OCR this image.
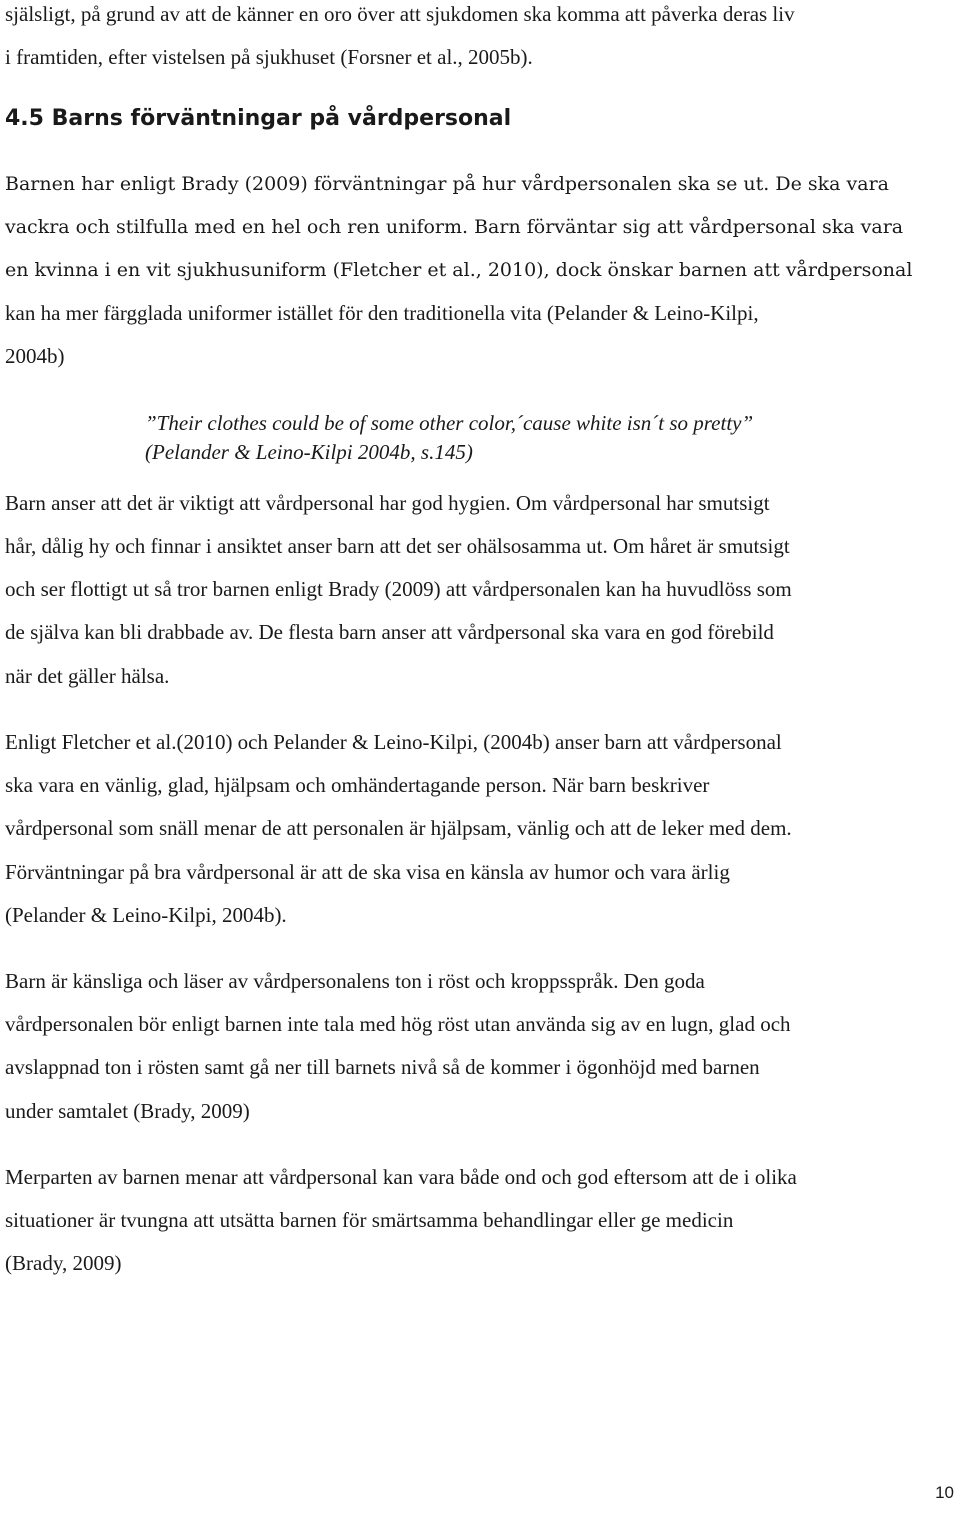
själsligt, på grund av att de känner en oro över att sjukdomen ska komma att påverka deras liv
i framtiden, efter vistelsen på sjukhuset (Forsner et al., 2005b).
4.5 Barns förväntningar på vårdpersonal
Barnen har enligt Brady (2009) förväntningar på hur vårdpersonalen ska se ut. De ska vara
vackra och stilfulla med en hel och ren uniform. Barn förväntar sig att vårdpersonal ska vara
en kvinna i en vit sjukhusuniform (Fletcher et al., 2010), dock önskar barnen att vårdpersonal
kan ha mer färgglada uniformer istället för den traditionella vita (Pelander & Leino-Kilpi,
2004b)
”Their clothes could be of some other color,´cause white isn´t so pretty”
(Pelander & Leino-Kilpi 2004b, s.145)
Barn anser att det är viktigt att vårdpersonal har god hygien. Om vårdpersonal har smutsigt
hår, dålig hy och finnar i ansiktet anser barn att det ser ohälsosamma ut. Om håret är smutsigt
och ser flottigt ut så tror barnen enligt Brady (2009) att vårdpersonalen kan ha huvudlöss som
de själva kan bli drabbade av. De flesta barn anser att vårdpersonal ska vara en god förebild
när det gäller hälsa.
Enligt Fletcher et al.(2010) och Pelander & Leino-Kilpi, (2004b) anser barn att vårdpersonal
ska vara en vänlig, glad, hjälpsam och omhändertagande person. När barn beskriver
vårdpersonal som snäll menar de att personalen är hjälpsam, vänlig och att de leker med dem.
Förväntningar på bra vårdpersonal är att de ska visa en känsla av humor och vara ärlig
(Pelander & Leino-Kilpi, 2004b).
Barn är känsliga och läser av vårdpersonalens ton i röst och kroppsspråk. Den goda
vårdpersonalen bör enligt barnen inte tala med hög röst utan använda sig av en lugn, glad och
avslappnad ton i rösten samt gå ner till barnets nivå så de kommer i ögonhöjd med barnen
under samtalet (Brady, 2009)
Merparten av barnen menar att vårdpersonal kan vara både ond och god eftersom att de i olika
situationer är tvungna att utsätta barnen för smärtsamma behandlingar eller ge medicin
(Brady, 2009)
10
